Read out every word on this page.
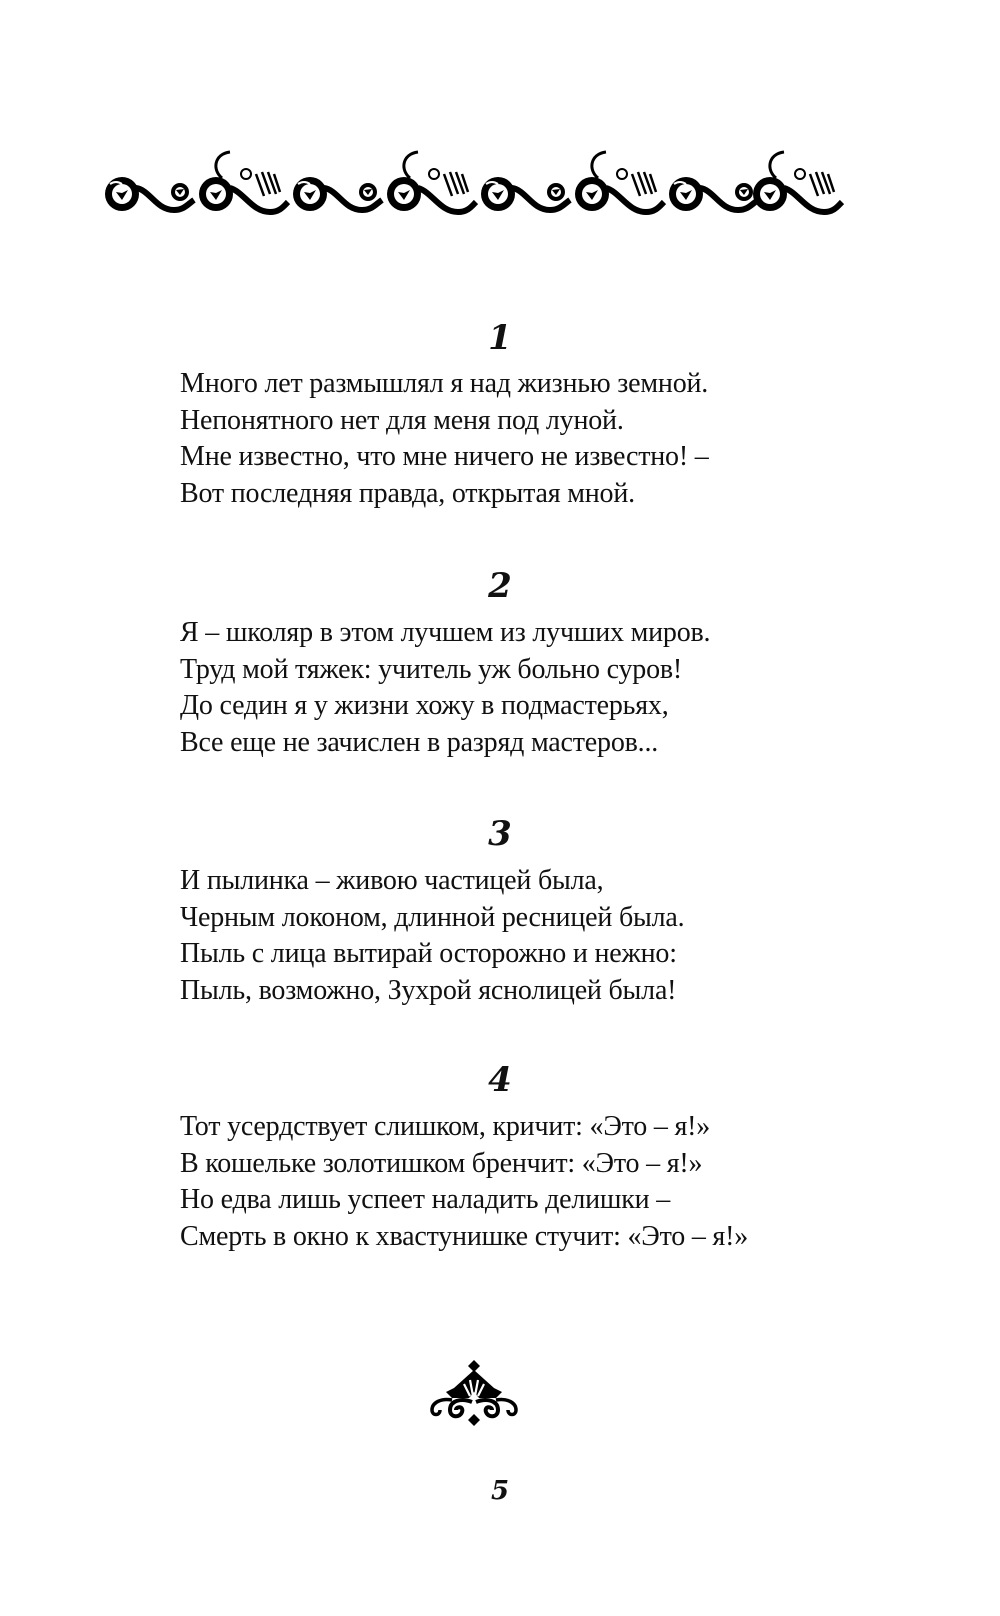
1
Много лет размышлял я над жизнью земной.
Непонятного нет для меня под луной.
Мне известно, что мне ничего не известно! –
Вот последняя правда, открытая мной.
2
Я – школяр в этом лучшем из лучших миров.
Труд мой тяжек: учитель уж больно суров!
До седин я у жизни хожу в подмастерьях,
Все еще не зачислен в разряд мастеров...
3
И пылинка – живою частицей была,
Черным локоном, длинной ресницей была.
Пыль с лица вытирай осторожно и нежно:
Пыль, возможно, Зухрой яснолицей была!
4
Тот усердствует слишком, кричит: «Это – я!»
В кошельке золотишком бренчит: «Это – я!»
Но едва лишь успеет наладить делишки –
Смерть в окно к хвастунишке стучит: «Это – я!»
5
